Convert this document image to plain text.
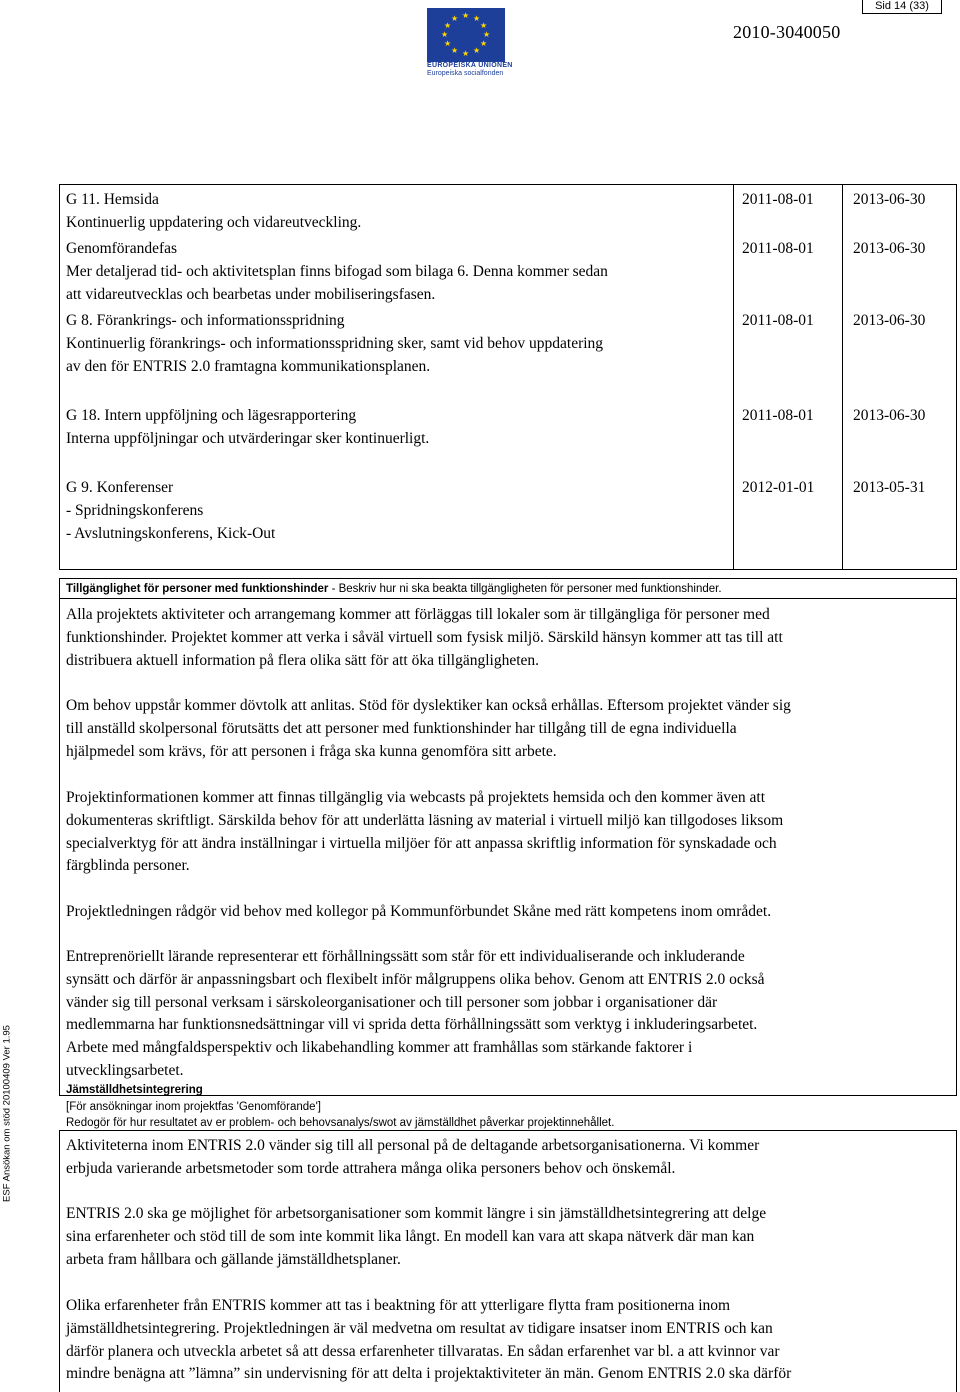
Sid 14 (33)
★ ★
★
★
★
★
★
★
★
★
★
★
EUROPEISKA UNIONEN
Europeiska socialfonden
2010-3040050
ESF Ansökan om stöd 20100409 Ver 1.95
G 11. Hemsida
Kontinuerlig uppdatering och vidareutveckling.
2011-08-01	2013-06-30
Genomförandefas
Mer detaljerad tid- och aktivitetsplan finns bifogad som bilaga 6. Denna kommer sedan
att vidareutvecklas och bearbetas under mobiliseringsfasen.
2011-08-01	2013-06-30
G 8. Förankrings- och informationsspridning
Kontinuerlig förankrings- och informationsspridning sker, samt vid behov uppdatering
av den för ENTRIS 2.0 framtagna kommunikationsplanen.
2011-08-01	2013-06-30
G 18. Intern uppföljning och lägesrapportering
Interna uppföljningar och utvärderingar sker kontinuerligt.
2011-08-01	2013-06-30
G 9. Konferenser
- Spridningskonferens
- Avslutningskonferens, Kick-Out
2012-01-01 2013-05-31
Tillgänglighet för personer med funktionshinder - Beskriv hur ni ska beakta tillgängligheten för personer med funktionshinder.
Alla projektets aktiviteter och arrangemang kommer att förläggas till lokaler som är tillgängliga för personer med
funktionshinder. Projektet kommer att verka i såväl virtuell som fysisk miljö. Särskild hänsyn kommer att tas till att
distribuera aktuell information på flera olika sätt för att öka tillgängligheten.
Om behov uppstår kommer dövtolk att anlitas. Stöd för dyslektiker kan också erhållas. Eftersom projektet vänder sig
till anställd skolpersonal förutsätts det att personer med funktionshinder har tillgång till de egna individuella
hjälpmedel som krävs, för att personen i fråga ska kunna genomföra sitt arbete.
Projektinformationen kommer att finnas tillgänglig via webcasts på projektets hemsida och den kommer även att
dokumenteras skriftligt. Särskilda behov för att underlätta läsning av material i virtuell miljö kan tillgodoses liksom
specialverktyg för att ändra inställningar i virtuella miljöer för att anpassa skriftlig information för synskadade och
färgblinda personer.
Projektledningen rådgör vid behov med kollegor på Kommunförbundet Skåne med rätt kompetens inom området.
Entreprenöriellt lärande representerar ett förhållningssätt som står för ett individualiserande och inkluderande
synsätt och därför är anpassningsbart och flexibelt inför målgruppens olika behov. Genom att ENTRIS 2.0 också
vänder sig till personal verksam i särskoleorganisationer och till personer som jobbar i organisationer där
medlemmarna har funktionsnedsättningar vill vi sprida detta förhållningssätt som verktyg i inkluderingsarbetet.
Arbete med mångfaldsperspektiv och likabehandling kommer att framhållas som stärkande faktorer i
utvecklingsarbetet.
Jämställdhetsintegrering
[För ansökningar inom projektfas 'Genomförande']
Redogör för hur resultatet av er problem- och behovsanalys/swot av jämställdhet påverkar projektinnehållet.
Aktiviteterna inom ENTRIS 2.0 vänder sig till all personal på de deltagande arbetsorganisationerna. Vi kommer
erbjuda varierande arbetsmetoder som torde attrahera många olika personers behov och önskemål.
ENTRIS 2.0 ska ge möjlighet för arbetsorganisationer som kommit längre i sin jämställdhetsintegrering att delge
sina erfarenheter och stöd till de som inte kommit lika långt. En modell kan vara att skapa nätverk där man kan
arbeta fram hållbara och gällande jämställdhetsplaner.
Olika erfarenheter från ENTRIS kommer att tas i beaktning för att ytterligare flytta fram positionerna inom
jämställdhetsintegrering. Projektledningen är väl medvetna om resultat av tidigare insatser inom ENTRIS och kan
därför planera och utveckla arbetet så att dessa erfarenheter tillvaratas. En sådan erfarenhet var bl. a att kvinnor var
mindre benägna att ”lämna” sin undervisning för att delta i projektaktiviteter än män. Genom ENTRIS 2.0 ska därför
